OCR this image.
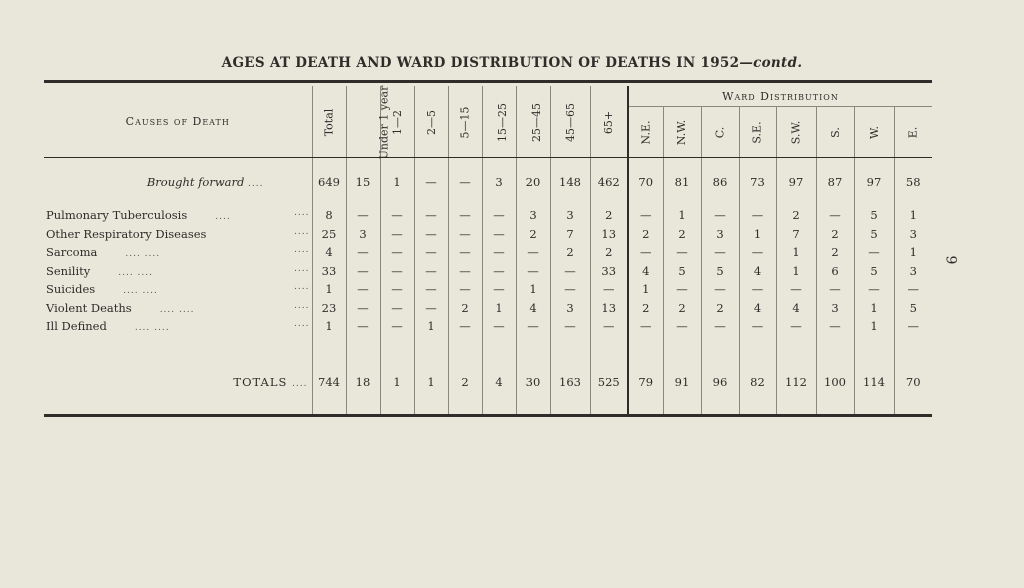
AGES AT DEATH AND WARD DISTRIBUTION OF DEATHS IN 1952—contd.
9

Causes of Death	Total	Under 1 year	1—2	2—5	5—15	15—25	25—45	45—65	65+	Ward Distribution							
										N.E.	N.W.	C.	S.E.	S.W.	S.	W.	E.

Brought forward ....	649	15	1	—	—	3	20	148	462	70	81	86	73	97	87	97	58

Pulmonary Tuberculosis .... ....	8	—	—	—	—	—	3	3	2	—	1	—	—	2	—	5	1

Other Respiratory Diseases ....	25	3	—	—	—	—	2	7	13	2	2	3	1	7	2	5	3

Sarcoma .... .... ....	4	—	—	—	—	—	—	2	2	—	—	—	—	1	2	—	1

Senility .... .... ....	33	—	—	—	—	—	—	—	33	4	5	5	4	1	6	5	3

Suicides .... .... ....	1	—	—	—	—	—	1	—	—	1	—	—	—	—	—	—	—

Violent Deaths .... .... ....	23	—	—	—	2	1	4	3	13	2	2	2	4	4	3	1	5

Ill Defined .... .... ....	1	—	—	1	—	—	—	—	—	—	—	—	—	—	—	1	—

TOTALS ....	744	18	1	1	2	4	30	163	525	79	91	96	82	112	100	114	70
